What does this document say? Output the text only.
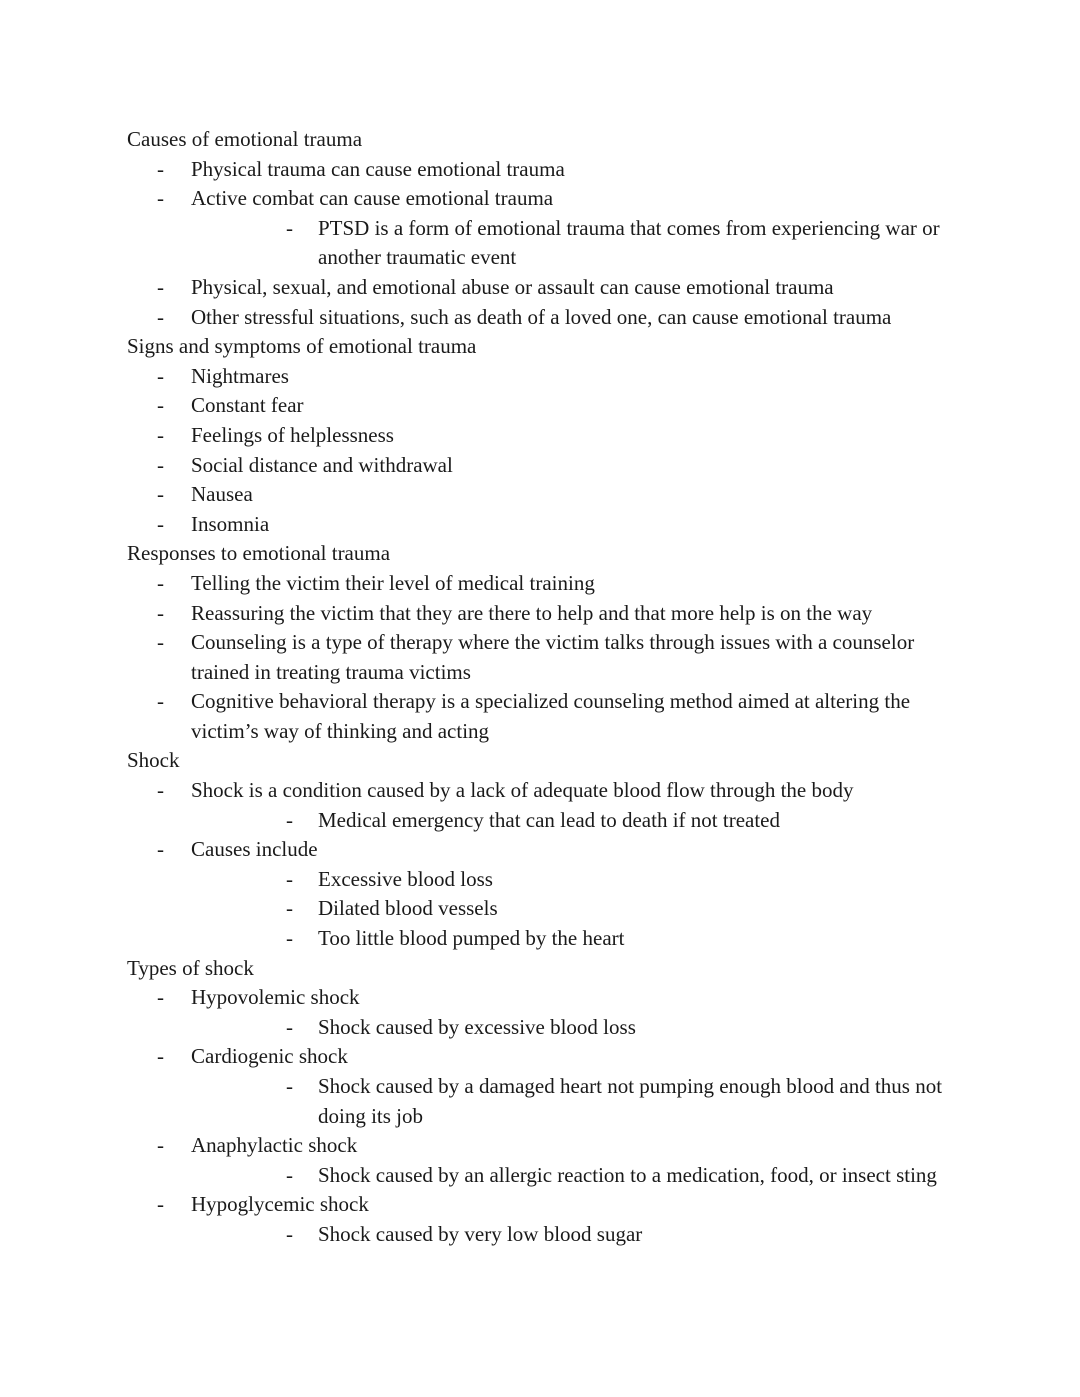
Causes of emotional trauma
- Physical trauma can cause emotional trauma
- Active combat can cause emotional trauma
- PTSD is a form of emotional trauma that comes from experiencing war or another traumatic event
- Physical, sexual, and emotional abuse or assault can cause emotional trauma
- Other stressful situations, such as death of a loved one, can cause emotional trauma
Signs and symptoms of emotional trauma
- Nightmares
- Constant fear
- Feelings of helplessness
- Social distance and withdrawal
- Nausea
- Insomnia
Responses to emotional trauma
- Telling the victim their level of medical training
- Reassuring the victim that they are there to help and that more help is on the way
- Counseling is a type of therapy where the victim talks through issues with a counselor trained in treating trauma victims
- Cognitive behavioral therapy is a specialized counseling method aimed at altering the victim’s way of thinking and acting
Shock
- Shock is a condition caused by a lack of adequate blood flow through the body
- Medical emergency that can lead to death if not treated
- Causes include
- Excessive blood loss
- Dilated blood vessels
- Too little blood pumped by the heart
Types of shock
- Hypovolemic shock
- Shock caused by excessive blood loss
- Cardiogenic shock
- Shock caused by a damaged heart not pumping enough blood and thus not doing its job
- Anaphylactic shock
- Shock caused by an allergic reaction to a medication, food, or insect sting
- Hypoglycemic shock
- Shock caused by very low blood sugar
